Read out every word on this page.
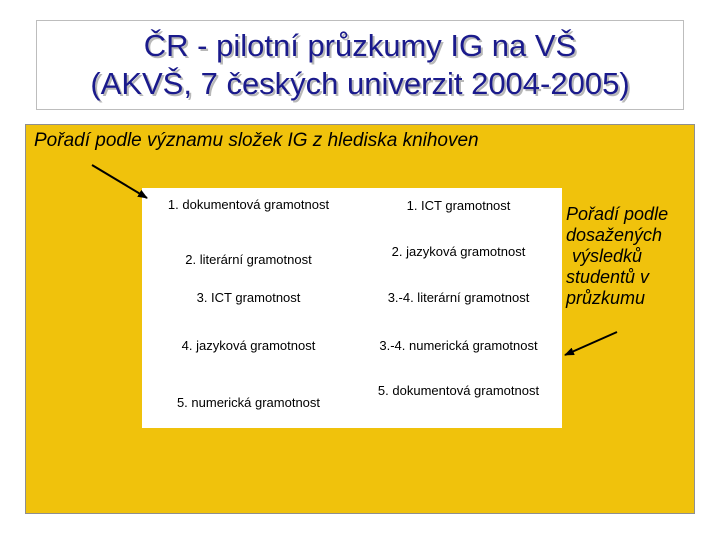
ČR - pilotní průzkumy IG na VŠ
(AKVŠ, 7 českých univerzit 2004-2005)
Pořadí podle významu složek IG z hlediska knihoven
1. dokumentová gramotnost
2. literární gramotnost
3. ICT gramotnost
4. jazyková gramotnost
5. numerická gramotnost
1. ICT gramotnost
2. jazyková gramotnost
3.-4. literární gramotnost
3.-4. numerická gramotnost
5. dokumentová gramotnost
Pořadí podle
dosažených
výsledků
studentů v
průzkumu
